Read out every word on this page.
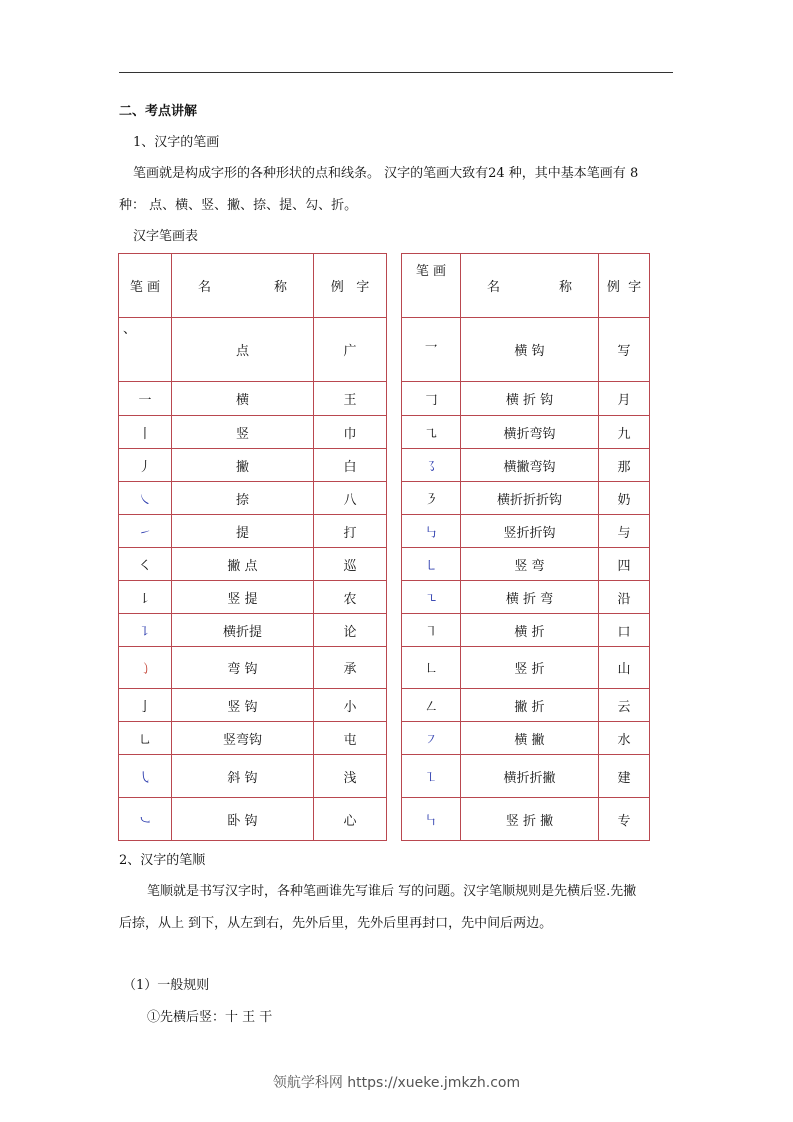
二、考点讲解
1、汉字的笔画
笔画就是构成字形的各种形状的点和线条。 汉字的笔画大致有24 种，其中基本笔画有 8
种： 点、横、竖、撇、捺、提、勾、折。
汉字笔画表
笔 画	名 称	例 字
、	点	广
一	横	王
丨	竖	巾
丿	撇	白
㇏	捺	八
㇀	提	打
㇛	撇 点	巡
㇙	竖 提	农
㇊	横折提	论
㇁	弯 钩	承
亅	竖 钩	小
㇟	竖弯钩	屯
㇂	斜 钩	浅
㇃	卧 钩	心
笔 画	名 称	例 字
乛	横 钩	写
𠃌	横 折 钩	月
㇈	横折弯钩	九
㇌	横撇弯钩	那
㇋	横折折折钩	奶
㇉	竖折折钩	与
㇄	竖 弯	四
㇍	横 折 弯	沿
㇕	横 折	口
㇗	竖 折	山
㇜	撇 折	云
㇇	横 撇	水
㇅	横折折撇	建
㇞	竖 折 撇	专
2、汉字的笔顺
笔顺就是书写汉字时，各种笔画谁先写谁后 写的问题。汉字笔顺规则是先横后竖.先撇
后捺，从上 到下，从左到右，先外后里，先外后里再封口，先中间后两边。
（1）一般规则
①先横后竖：十 王 干
领航学科网 https://xueke.jmkzh.com
